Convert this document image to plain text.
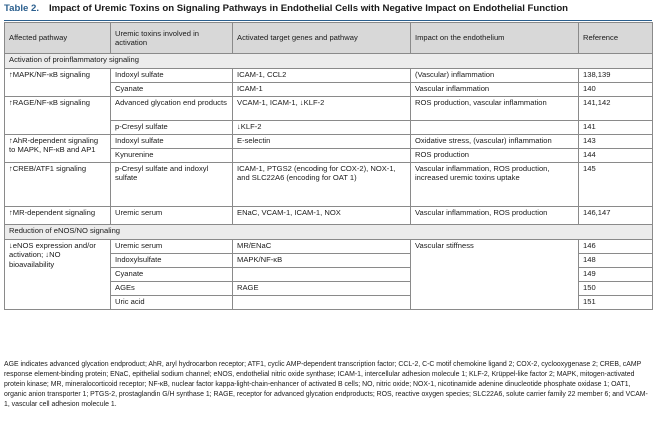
Table 2. Impact of Uremic Toxins on Signaling Pathways in Endothelial Cells with Negative Impact on Endothelial Function
Affected pathway	Uremic toxins involved in activation	Activated target genes and pathway	Impact on the endothelium	Reference
Activation of proinflammatory signaling				
↑MAPK/NF-κB signaling	Indoxyl sulfate	ICAM-1, CCL2	(Vascular) inflammation	138,139
	Cyanate	ICAM-1	Vascular inflammation	140
↑RAGE/NF-κB signaling	Advanced glycation end products	VCAM-1, ICAM-1, ↓KLF-2	ROS production, vascular inflammation	141,142
	p-Cresyl sulfate	↓KLF-2		141
↑AhR-dependent signaling to MAPK, NF-κB and AP1	Indoxyl sulfate	E-selectin	Oxidative stress, (vascular) inflammation	143
	Kynurenine		ROS production	144
↑CREB/ATF1 signaling	p-Cresyl sulfate and indoxyl sulfate	ICAM-1, PTGS2 (encoding for COX-2), NOX-1, and SLC22A6 (encoding for OAT 1)	Vascular inflammation, ROS production, increased uremic toxins uptake	145
↑MR-dependent signaling	Uremic serum	ENaC, VCAM-1, ICAM-1, NOX	Vascular inflammation, ROS production	146,147
Reduction of eNOS/NO signaling				
↓eNOS expression and/or activation; ↓NO bioavailability	Uremic serum	MR/ENaC	Vascular stiffness	146
	Indoxylsulfate	MAPK/NF-κB		148
	Cyanate			149
	AGEs	RAGE		150
	Uric acid			151
AGE indicates advanced glycation endproduct; AhR, aryl hydrocarbon receptor; ATF1, cyclic AMP-dependent transcription factor; CCL-2, C-C motif chemokine ligand 2; COX-2, cyclooxygenase 2; CREB, cAMP response element-binding protein; ENaC, epithelial sodium channel; eNOS, endothelial nitric oxide synthase; ICAM-1, intercellular adhesion molecule 1; KLF-2, Krüppel-like factor 2; MAPK, mitogen-activated protein kinase; MR, mineralocorticoid receptor; NF-κB, nuclear factor kappa-light-chain-enhancer of activated B cells; NO, nitric oxide; NOX-1, nicotinamide adenine dinucleotide phosphate oxidase 1; OAT1, organic anion transporter 1; PTGS-2, prostaglandin G/H synthase 1; RAGE, receptor for advanced glycation endproducts; ROS, reactive oxygen species; SLC22A6, solute carrier family 22 member 6; and VCAM-1, vascular cell adhesion molecule 1.
